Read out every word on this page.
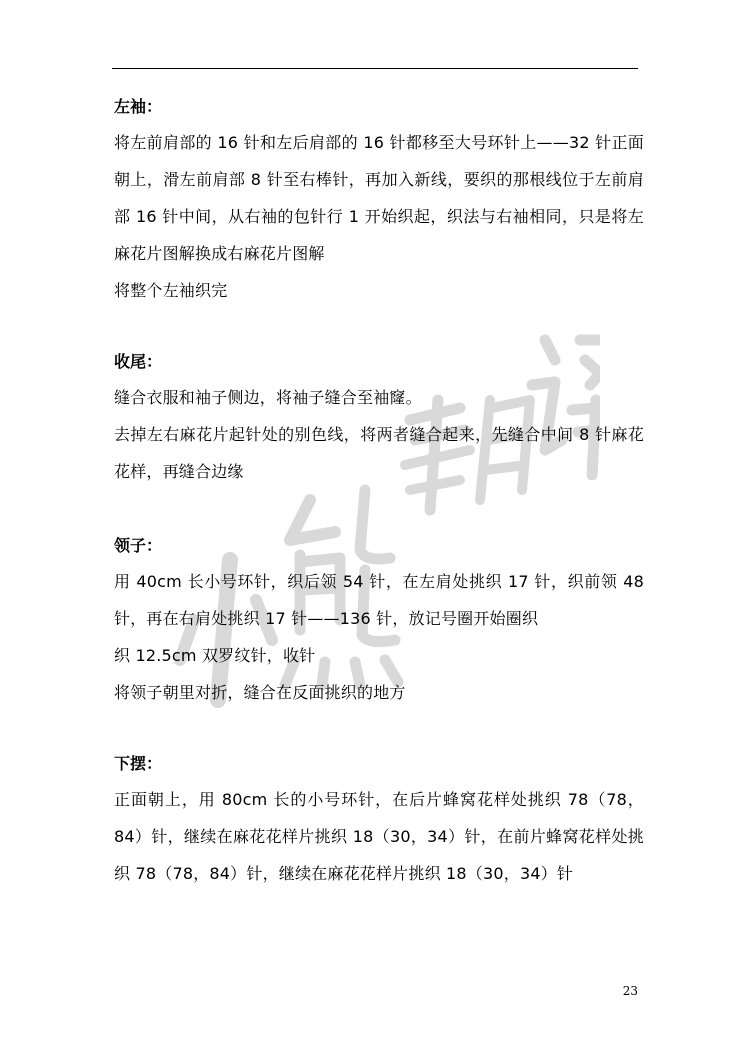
左袖：

将左前肩部的 16 针和左后肩部的 16 针都移至大号环针上——32 针正面朝上，滑左前肩部 8 针至右棒针，再加入新线，要织的那根线位于左前肩部 16 针中间，从右袖的包针行 1 开始织起，织法与右袖相同，只是将左麻花片图解换成右麻花片图解

将整个左袖织完

收尾：

缝合衣服和袖子侧边，将袖子缝合至袖窿。

去掉左右麻花片起针处的别色线，将两者缝合起来，先缝合中间 8 针麻花花样，再缝合边缘

领子：

用 40cm 长小号环针，织后领 54 针，在左肩处挑织 17 针，织前领 48 针，再在右肩处挑织 17 针——136 针，放记号圈开始圈织

织 12.5cm 双罗纹针，收针

将领子朝里对折，缝合在反面挑织的地方

下摆：

正面朝上，用 80cm 长的小号环针，在后片蜂窝花样处挑织 78（78，84）针，继续在麻花花样片挑织 18（30，34）针，在前片蜂窝花样处挑织 78（78，84）针，继续在麻花花样片挑织 18（30，34）针

23
